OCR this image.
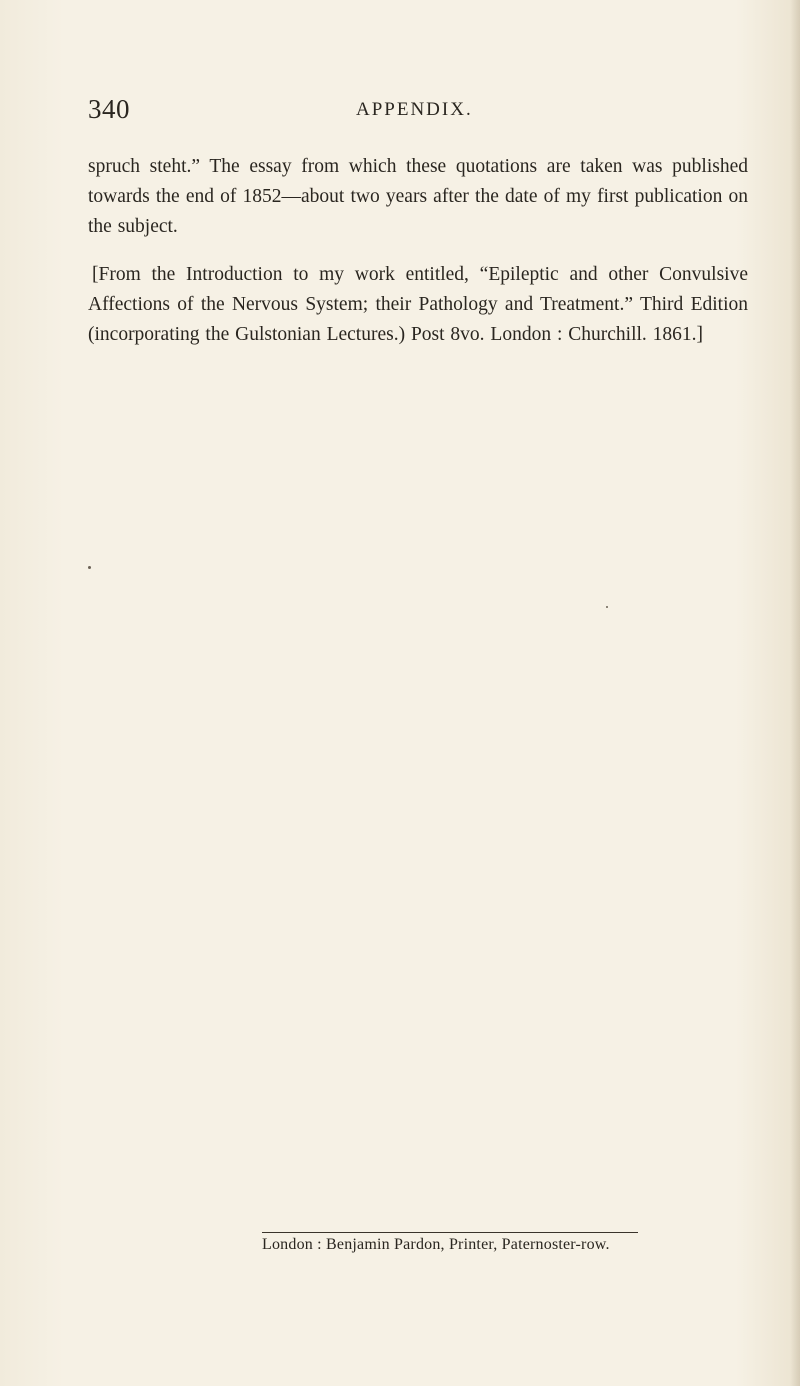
340	APPENDIX.

spruch steht.” The essay from which these quotations are taken was published towards the end of 1852—about two years after the date of my first publication on the subject.

[From the Introduction to my work entitled, “Epileptic and other Convulsive Affections of the Nervous System; their Pathology and Treatment.” Third Edition (incorporating the Gulstonian Lectures.) Post 8vo. London : Churchill. 1861.]

London : Benjamin Pardon, Printer, Paternoster-row.
